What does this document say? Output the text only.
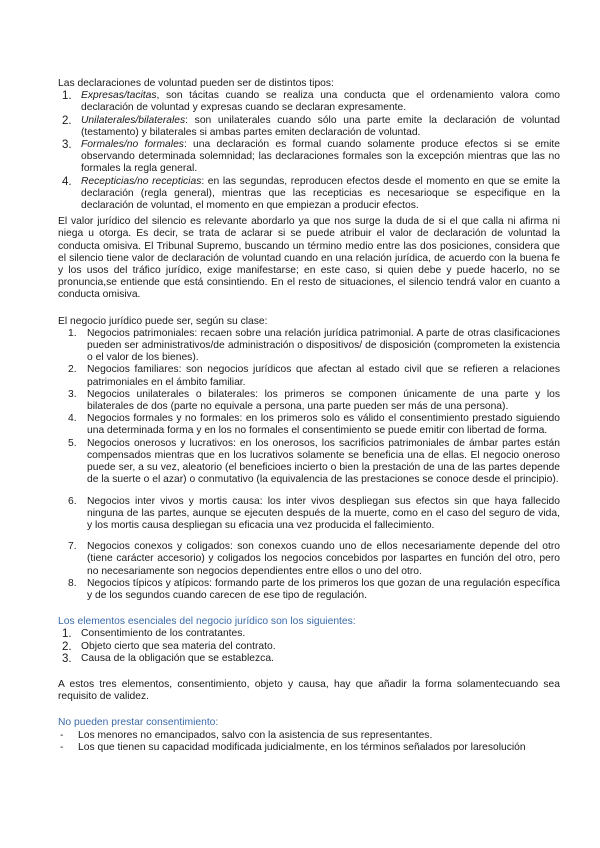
Las declaraciones de voluntad pueden ser de distintos tipos:

1. Expresas/tacitas, son tácitas cuando se realiza una conducta que el ordenamiento valora como declaración de voluntad y expresas cuando se declaran expresamente.
2. Unilaterales/bilaterales: son unilaterales cuando sólo una parte emite la declaración de voluntad (testamento) y bilaterales si ambas partes emiten declaración de voluntad.
3. Formales/no formales: una declaración es formal cuando solamente produce efectos si se emite observando determinada solemnidad; las declaraciones formales son la excepción mientras que las no formales la regla general.
4. Recepticias/no recepticias: en las segundas, reproducen efectos desde el momento en que se emite la declaración (regla general), mientras que las recepticias es necesarioque se especifique en la declaración de voluntad, el momento en que empiezan a producir efectos.

El valor jurídico del silencio es relevante abordarlo ya que nos surge la duda de si el que calla ni afirma ni niega u otorga. Es decir, se trata de aclarar si se puede atribuir el valor de declaración de voluntad la conducta omisiva. El Tribunal Supremo, buscando un término medio entre las dos posiciones, considera que el silencio tiene valor de declaración de voluntad cuando en una relación jurídica, de acuerdo con la buena fe y los usos del tráfico jurídico, exige manifestarse; en este caso, si quien debe y puede hacerlo, no se pronuncia,se entiende que está consintiendo. En el resto de situaciones, el silencio tendrá valor en cuanto a conducta omisiva.

El negocio jurídico puede ser, según su clase:

1. Negocios patrimoniales: recaen sobre una relación jurídica patrimonial. A parte de otras clasificaciones pueden ser administrativos/de administración o dispositivos/ de disposición (comprometen la existencia o el valor de los bienes).
2. Negocios familiares: son negocios jurídicos que afectan al estado civil que se refieren a relaciones patrimoniales en el ámbito familiar.
3. Negocios unilaterales o bilaterales: los primeros se componen únicamente de una parte y los bilaterales de dos (parte no equivale a persona, una parte pueden ser más de una persona).
4. Negocios formales y no formales: en los primeros solo es válido el consentimiento prestado siguiendo una determinada forma y en los no formales el consentimiento se puede emitir con libertad de forma.
5. Negocios onerosos y lucrativos: en los onerosos, los sacrificios patrimoniales de ámbar partes están compensados mientras que en los lucrativos solamente se beneficia una de ellas. El negocio oneroso puede ser, a su vez, aleatorio (el beneficioes incierto o bien la prestación de una de las partes depende de la suerte o el azar) o conmutativo (la equivalencia de las prestaciones se conoce desde el principio).
6. Negocios inter vivos y mortis causa: los inter vivos despliegan sus efectos sin que haya fallecido ninguna de las partes, aunque se ejecuten después de la muerte, como en el caso del seguro de vida, y los mortis causa despliegan su eficacia una vez producida el fallecimiento.
7. Negocios conexos y coligados: son conexos cuando uno de ellos necesariamente depende del otro (tiene carácter accesorio) y coligados los negocios concebidos por laspartes en función del otro, pero no necesariamente son negocios dependientes entre ellos o uno del otro.
8. Negocios típicos y atípicos: formando parte de los primeros los que gozan de una regulación específica y de los segundos cuando carecen de ese tipo de regulación.

Los elementos esenciales del negocio jurídico son los siguientes:

1. Consentimiento de los contratantes.
2. Objeto cierto que sea materia del contrato.
3. Causa de la obligación que se establezca.

A estos tres elementos, consentimiento, objeto y causa, hay que añadir la forma solamentecuando sea requisito de validez.

No pueden prestar consentimiento:

- Los menores no emancipados, salvo con la asistencia de sus representantes.
- Los que tienen su capacidad modificada judicialmente, en los términos señalados por laresolución
